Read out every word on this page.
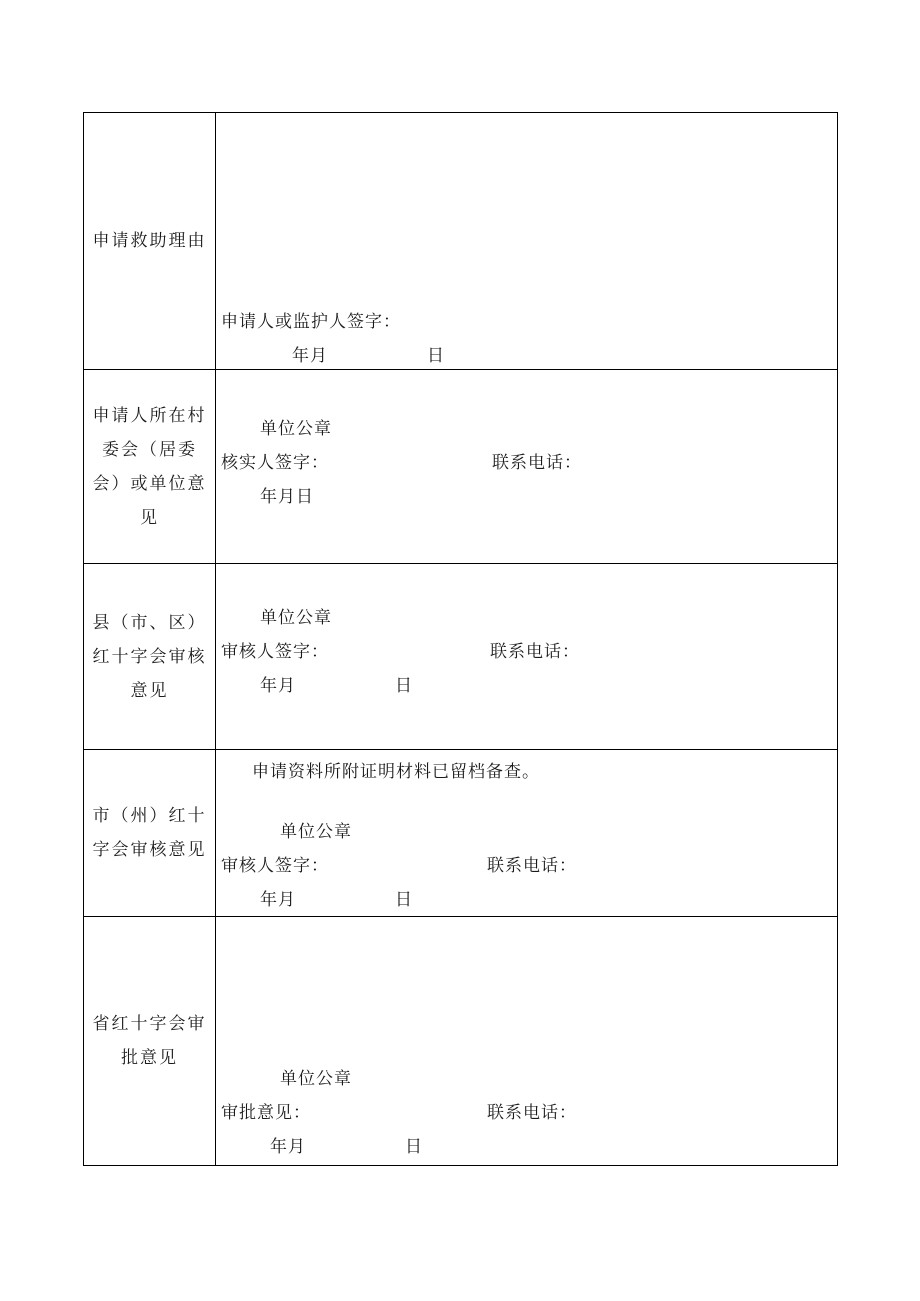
申请救助理由
申请人或监护人签字：
年月	日
申请人所在村委会（居委会）或单位意见
单位公章
核实人签字：	联系电话：
年月日
县（市、区）红十字会审核意见
单位公章
审核人签字：	联系电话：
年月	日
市（州）红十字会审核意见
申请资料所附证明材料已留档备查。
单位公章
审核人签字：	联系电话：
年月	日
省红十字会审批意见
单位公章
审批意见：	联系电话：
年月	日
